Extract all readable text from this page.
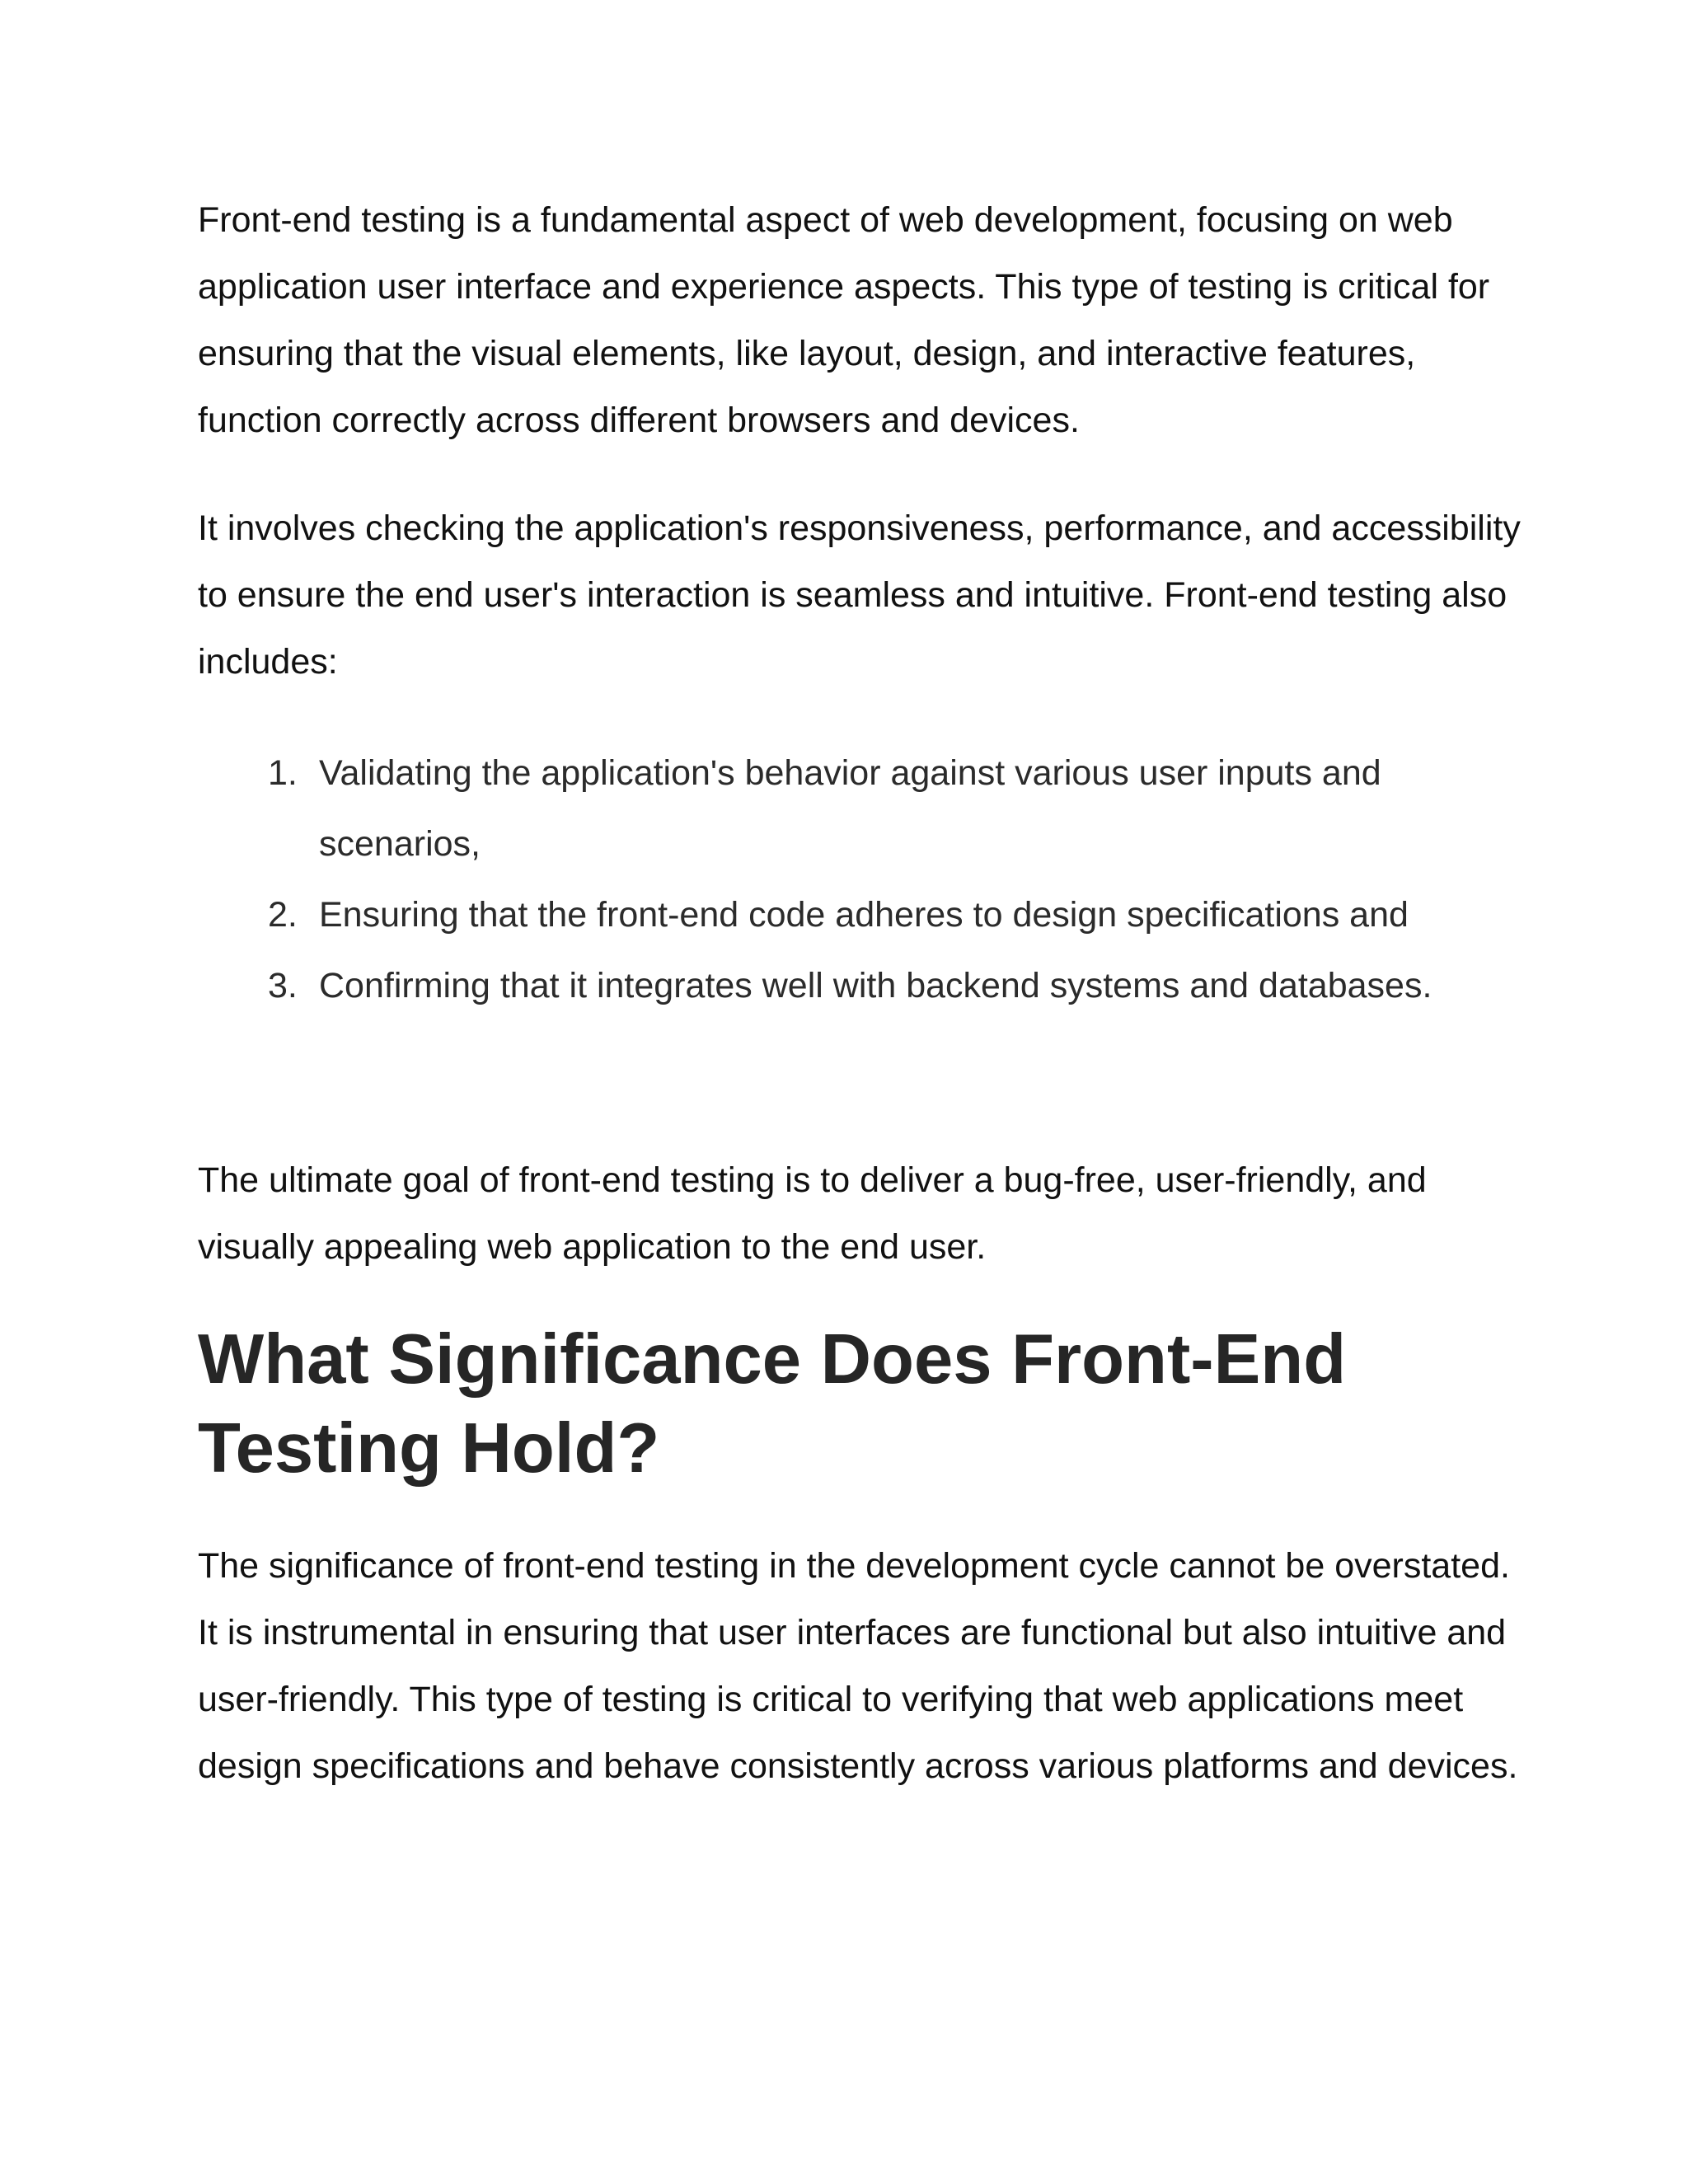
Front-end testing is a fundamental aspect of web development, focusing on web application user interface and experience aspects. This type of testing is critical for ensuring that the visual elements, like layout, design, and interactive features, function correctly across different browsers and devices.

It involves checking the application's responsiveness, performance, and accessibility to ensure the end user's interaction is seamless and intuitive. Front-end testing also includes:

1. Validating the application's behavior against various user inputs and scenarios,
2. Ensuring that the front-end code adheres to design specifications and
3. Confirming that it integrates well with backend systems and databases.

The ultimate goal of front-end testing is to deliver a bug-free, user-friendly, and visually appealing web application to the end user.

What Significance Does Front-End Testing Hold?

The significance of front-end testing in the development cycle cannot be overstated. It is instrumental in ensuring that user interfaces are functional but also intuitive and user-friendly. This type of testing is critical to verifying that web applications meet design specifications and behave consistently across various platforms and devices.
